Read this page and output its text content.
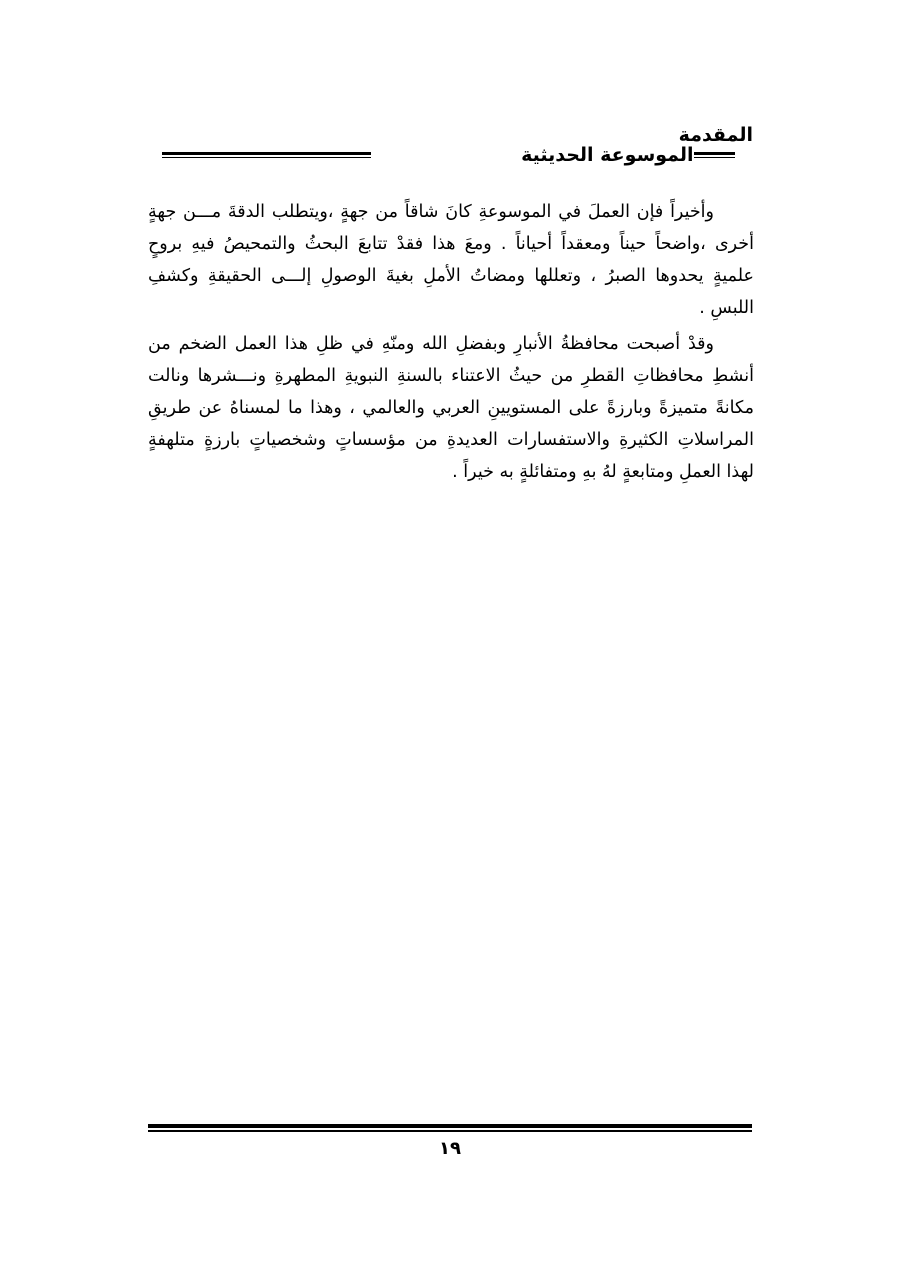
المقدمة
الموسوعة الحديثية

وأخيراً فإن العملَ في الموسوعةِ كانَ شاقاً من جهةٍ ،ويتطلب الدقةَ مـــن جهةٍ أخرى ،واضحاً حيناً ومعقداً أحياناً . ومعَ هذا فقدْ تتابعَ البحثُ والتمحيصُ فيهِ بروحٍ علميةٍ يحدوها الصبرُ ، وتعللها ومضاتُ الأملِ بغيةَ الوصولِ إلـــى الحقيقةِ وكشفِ اللبسِ .

وقدْ أصبحت محافظةُ الأنبارِ وبفضلِ الله ومنّهِ في ظلِ هذا العمل الضخم من أنشطِ محافظاتِ القطرِ من حيثُ الاعتناء بالسنةِ النبويةِ المطهرةِ ونـــشرها ونالت مكانةً متميزةً وبارزةً على المستويينِ العربي والعالمي ، وهذا ما لمسناهُ عن طريقِ المراسلاتِ الكثيرةِ والاستفسارات العديدةِ من مؤسساتٍ وشخصياتٍ بارزةٍ متلهفةٍ لهذا العملِ ومتابعةٍ لهُ بهِ ومتفائلةٍ به خيراً .

١٩
